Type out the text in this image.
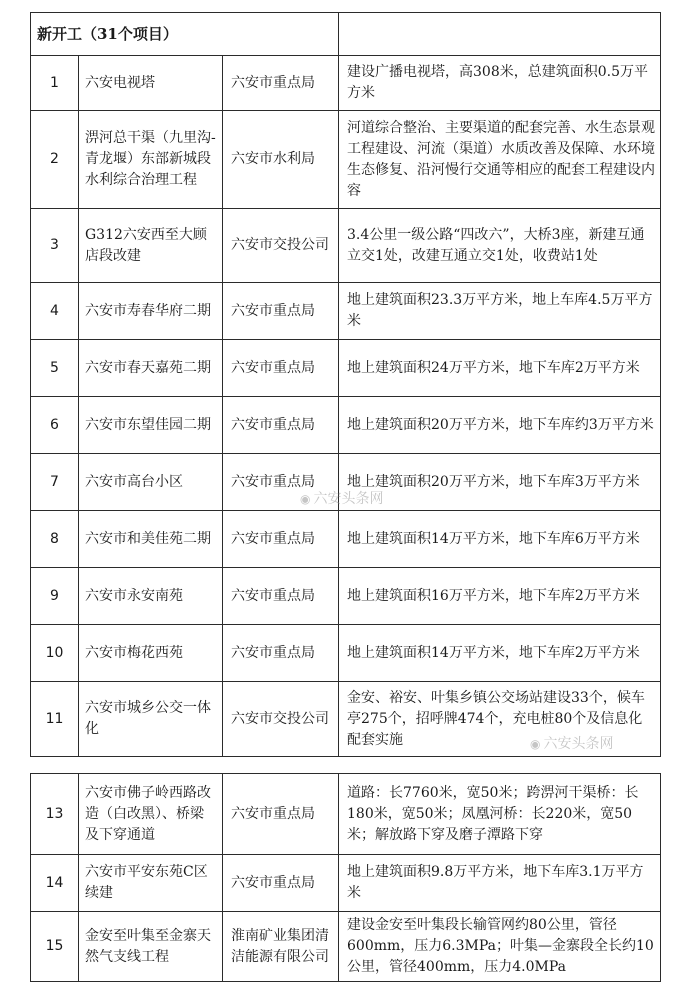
新开工（31个项目）			
1	六安电视塔	六安市重点局	建设广播电视塔，高308米，总建筑面积0.5万平方米
2	淠河总干渠（九里沟-青龙堰）东部新城段水利综合治理工程	六安市水利局	河道综合整治、主要渠道的配套完善、水生态景观工程建设、河流（渠道）水质改善及保障、水环境生态修复、沿河慢行交通等相应的配套工程建设内容
3	G312六安西至大顾店段改建	六安市交投公司	3.4公里一级公路“四改六”，大桥3座，新建互通立交1处，改建互通立交1处，收费站1处
4	六安市寿春华府二期	六安市重点局	地上建筑面积23.3万平方米，地上车库4.5万平方米
5	六安市春天嘉苑二期	六安市重点局	地上建筑面积24万平方米，地下车库2万平方米
6	六安市东望佳园二期	六安市重点局	地上建筑面积20万平方米，地下车库约3万平方米
7	六安市高台小区	六安市重点局	地上建筑面积20万平方米，地下车库3万平方米
8	六安市和美佳苑二期	六安市重点局	地上建筑面积14万平方米，地下车库6万平方米
9	六安市永安南苑	六安市重点局	地上建筑面积16万平方米，地下车库2万平方米
10	六安市梅花西苑	六安市重点局	地上建筑面积14万平方米，地下车库2万平方米
11	六安市城乡公交一体化	六安市交投公司	金安、裕安、叶集乡镇公交场站建设33个，候车亭275个，招呼牌474个，充电桩80个及信息化配套实施
13	六安市佛子岭西路改造（白改黑）、桥梁及下穿通道	六安市重点局	道路：长7760米，宽50米；跨淠河干渠桥：长180米，宽50米；凤凰河桥：长220米，宽50米；解放路下穿及磨子潭路下穿
14	六安市平安东苑C区续建	六安市重点局	地上建筑面积9.8万平方米，地下车库3.1万平方米
15	金安至叶集至金寨天然气支线工程	淮南矿业集团清洁能源有限公司	建设金安至叶集段长输管网约80公里，管径600mm，压力6.3MPa；叶集—金寨段全长约10公里，管径400mm，压力4.0MPa
◉ 六安头条网
◉ 六安头条网
